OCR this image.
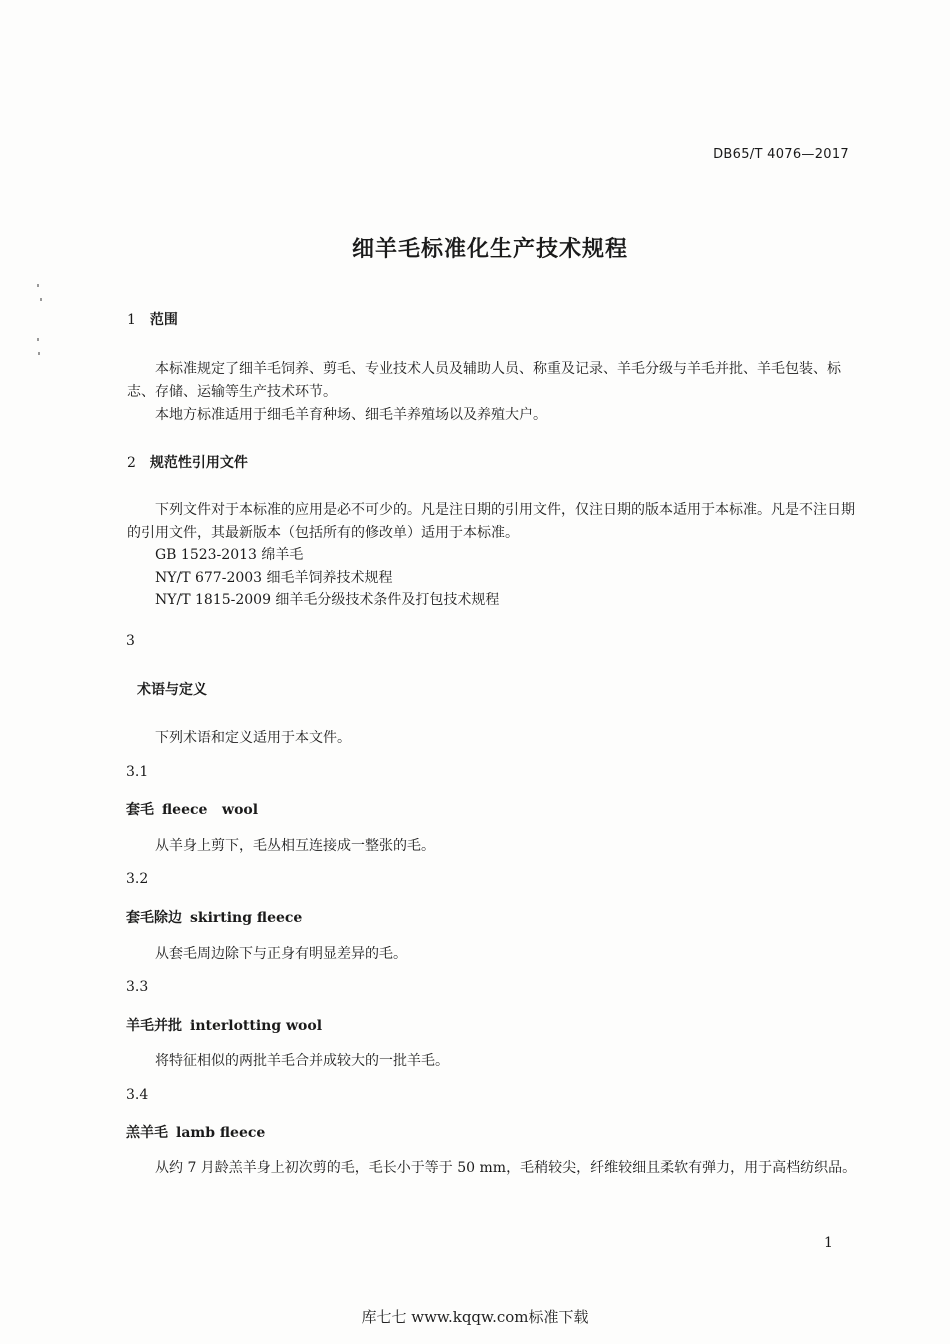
DB65/T 4076—2017
细羊毛标准化生产技术规程
1 范围
本标准规定了细羊毛饲养、剪毛、专业技术人员及辅助人员、称重及记录、羊毛分级与羊毛并批、羊毛包装、标志、存储、运输等生产技术环节。
本地方标准适用于细毛羊育种场、细毛羊养殖场以及养殖大户。
2 规范性引用文件
下列文件对于本标准的应用是必不可少的。凡是注日期的引用文件，仅注日期的版本适用于本标准。凡是不注日期的引用文件，其最新版本（包括所有的修改单）适用于本标准。
GB 1523-2013 绵羊毛
NY/T 677-2003 细毛羊饲养技术规程
NY/T 1815-2009 细羊毛分级技术条件及打包技术规程
3
术语与定义
下列术语和定义适用于本文件。
3.1
套毛 fleece   wool
从羊身上剪下，毛丛相互连接成一整张的毛。
3.2
套毛除边 skirting fleece
从套毛周边除下与正身有明显差异的毛。
3.3
羊毛并批 interlotting wool
将特征相似的两批羊毛合并成较大的一批羊毛。
3.4
羔羊毛 lamb fleece
从约 7 月龄羔羊身上初次剪的毛，毛长小于等于 50 mm，毛稍较尖，纤维较细且柔软有弹力，用于高档纺织品。
1
库七七 www.kqqw.com标准下载
